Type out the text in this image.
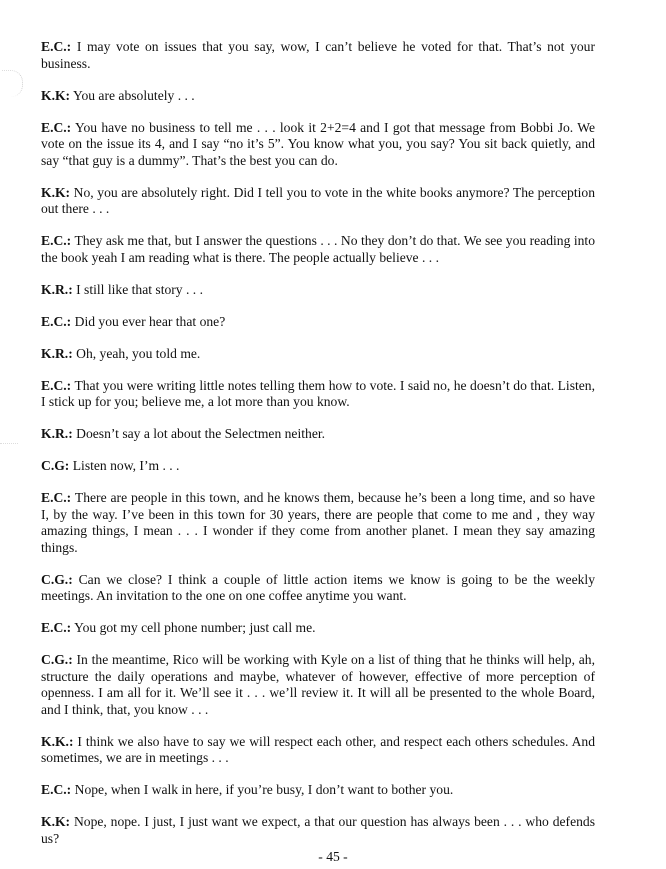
E.C.: I may vote on issues that you say, wow, I can’t believe he voted for that. That’s not your business.

K.K: You are absolutely . . .

E.C.: You have no business to tell me . . . look it 2+2=4 and I got that message from Bobbi Jo. We vote on the issue its 4, and I say “no it’s 5”. You know what you, you say? You sit back quietly, and say “that guy is a dummy”. That’s the best you can do.

K.K: No, you are absolutely right. Did I tell you to vote in the white books anymore? The perception out there . . .

E.C.: They ask me that, but I answer the questions . . . No they don’t do that. We see you reading into the book yeah I am reading what is there. The people actually believe . . .

K.R.: I still like that story . . .

E.C.: Did you ever hear that one?

K.R.: Oh, yeah, you told me.

E.C.: That you were writing little notes telling them how to vote. I said no, he doesn’t do that. Listen, I stick up for you; believe me, a lot more than you know.

K.R.: Doesn’t say a lot about the Selectmen neither.

C.G: Listen now, I’m . . .

E.C.: There are people in this town, and he knows them, because he’s been a long time, and so have I, by the way. I’ve been in this town for 30 years, there are people that come to me and , they way amazing things, I mean . . . I wonder if they come from another planet. I mean they say amazing things.

C.G.: Can we close? I think a couple of little action items we know is going to be the weekly meetings. An invitation to the one on one coffee anytime you want.

E.C.: You got my cell phone number; just call me.

C.G.: In the meantime, Rico will be working with Kyle on a list of thing that he thinks will help, ah, structure the daily operations and maybe, whatever of however, effective of more perception of openness. I am all for it. We’ll see it . . . we’ll review it. It will all be presented to the whole Board, and I think, that, you know . . .

K.K.: I think we also have to say we will respect each other, and respect each others schedules. And sometimes, we are in meetings . . .

E.C.: Nope, when I walk in here, if you’re busy, I don’t want to bother you.

K.K: Nope, nope. I just, I just want we expect, a that our question has always been . . . who defends us?

- 45 -
